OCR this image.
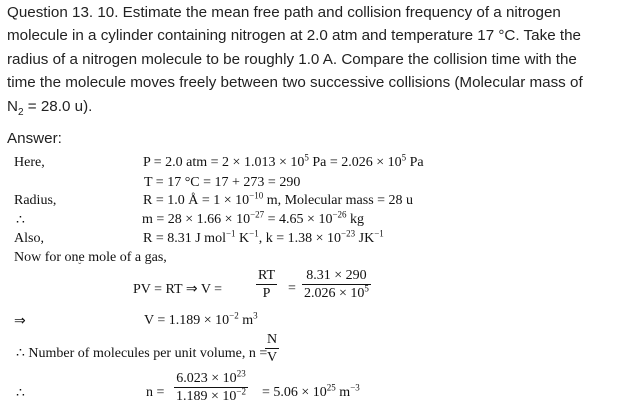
Question 13. 10. Estimate the mean free path and collision frequency of a nitrogen
molecule in a cylinder containing nitrogen at 2.0 atm and temperature 17 °C. Take the
radius of a nitrogen molecule to be roughly 1.0 A. Compare the collision time with the
time the molecule moves freely between two successive collisions (Molecular mass of
$N_2 = 28.0$ u).
Answer:
Here,	P = 2.0 atm = $2 \times 1.013 \times 10^5$ $Pa = 2.026 \times 10^5$ Pa
T = 17 °C = 17 + 273 = 290
Radius,	R = 1.0 Å = $1 \times 10^{-10}$ m, Molecular mass = 28 u
∴	$m = 28 \times 1.66 \times 10^{-27} = 4.65 \times 10^{-26}$ kg
Also,	R = 8.31 J mol$^{-1}$ $K^{-1}$, $k = 1.38 \times 10^{-23}$ $JK^{-1}$
Now for one mole of a gas,
ˇ
PV = RT ⇒ $V = \frac{RT}{P} = \frac{8.31 \times 290}{2.026 \times 10^5}$
⇒	$V = 1.189 \times 10^{-2}$ $m^3$
∴ Number of molecules per unit volume, n =
$\frac{N}{V}$
∴	$n = \frac{6.023 \times 10^{23}}{1.189 \times 10^{-2}} = 5.06 \times 10^{25}$ $m^{-3}$
